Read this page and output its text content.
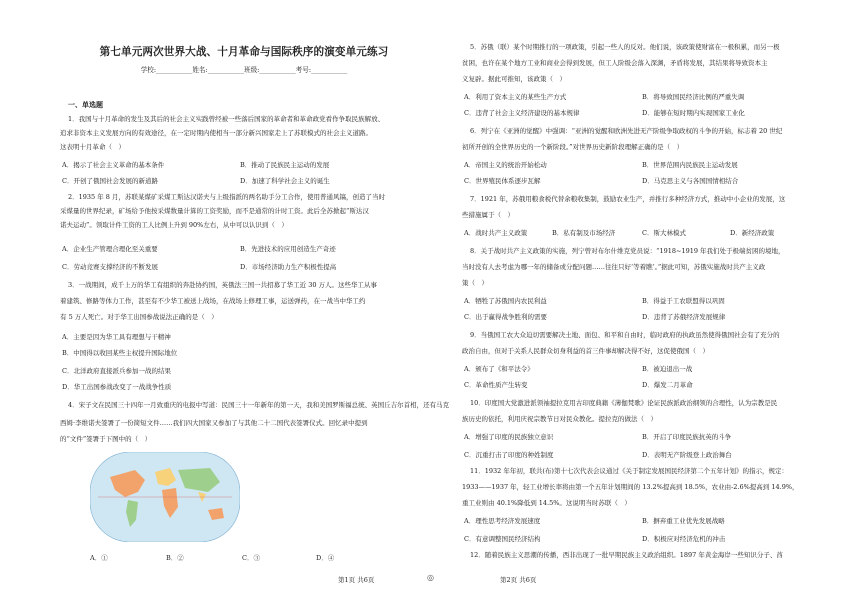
第七单元两次世界大战、十月革命与国际秩序的演变单元练习
学校:___________姓名:___________班级:___________考号:___________
一、单选题
1．我国与十月革命的发生及其后的社会主义实践曾经被一些落后国家的革命者和革命政党看作争取民族解放、
追求非资本主义发展方向的有效途径，在一定时期内使相当一部分新兴国家走上了苏联模式的社会主义道路。
这表明十月革命（　）
A．揭示了社会主义革命的基本条件	B．推动了民族民主运动的发展
C．开创了俄国社会发展的新道路	D．加速了科学社会主义的诞生
2．1935 年 8 月，苏联某煤矿采煤工斯达汉诺夫与上级指派的两名助手分工合作，使用普通风镐，创造了当时
采煤量的世界纪录，矿场给予他按采煤数量计算的工资奖励，而不是通常的计时工资。此后全苏掀起“斯达汉
诺夫运动”。领取计件工资的工人比例上升到 90%左右，从中可以认识到（　）
A．企业生产管理合理化至关重要	B．先进技术的应用创造生产奇迹
C．劳动竞赛支撑经济的不断发展	D．市场经济助力生产积极性提高
3．一战期间，成千上万的华工有组织的奔赴协约国，英俄法三国一共招募了华工近 30 万人。这些华工从事
着建筑、修路等体力工作，甚至有不少华工被送上战场，在战场上修理工事，运送弹药，在一战当中华工约
有 5 万人死亡。对于华工出国参战说法正确的是（　）
A．主要是因为华工具有理想与干精神
B．中国得以收回某些主权提升国际地位
C．北洋政府直接派兵参加一战的结果
D．华工出国参战改变了一战战争性质
4．宋子文在民国三十四年一月致重庆的电报中写道：民国三十一年新年的第一天，我和美国罗斯福总统、英国丘吉尔首相，还有马克
西姆·李维诺夫签署了一份简短文件……我们四大国家又参加了与其他二十二国代表签署仪式。回忆录中提到
的“文件”签署于下图中的（　）
A．①	B．②	C．③	D．④
第1页 共6页	◎
5．苏俄（联）某个时期推行的一项政策，引起一些人的反对。他们说，该政策使财富在一极积累，而另一极
贫困，也许在某个地方工业和商业会得到发展，但工人阶级会落入深渊，矛盾将发展，其结果将导致资本主
义复辟。据此可推知，该政策（　）
A．利用了资本主义的某些生产方式	B．将导致国民经济比例的严重失调
C．违背了社会主义经济建设的基本规律	D．能够在短时期内实现国家工业化
6．列宁在《亚洲的觉醒》中强调：“亚洲的觉醒和欧洲先进无产阶级争取政权的斗争的开始，标志着 20 世纪
初所开创的全世界历史的一个新阶段。”对世界历史新阶段理解正确的是（　）
A．帝国主义的统治开始松动	B．世界范围内民族民主运动发展
C．世界殖民体系逐步瓦解	D．马克思主义与各国国情相结合
7．1921 年，苏俄用粮食税代替余粮收集制，鼓励农业生产，并推行多种经济方式，推动中小企业的发展，这
些措施属于（　）
A．战时共产主义政策	B．私有制及市场经济	C．斯大林模式	D．新经济政策
8．关于战时共产主义政策的实施，列宁曾对布尔什维克党员说：“1918~1919 年我们处于极端贫困的境地，
当时没有人去考虑为哪一年的储备或分配问题……往往只好‘等着瞧’。”据此可知，苏俄实施战时共产主义政
策（　）
A．牺牲了苏俄国内农民利益	B．得益于工农联盟得以巩固
C．出于赢得战争胜利的需要	D．违背了苏俄经济发展规律
9．当俄国工农大众迫切需要解决土地、面包、和平和自由时，临时政府的执政虽然使得俄国社会有了充分的
政治自由，但对于关系人民群众切身利益的首三件事却解决得不好，这促使俄国（　）
A．颁布了《和平法令》	B．被迫退出一战
C．革命性质产生转变	D．爆发二月革命
10．印度国大党激进派领袖提拉克用古印度典籍《薄伽梵歌》论证民族派政治纲领的合理性，认为宗教是民
族历史的依托，利用庆祝宗教节日对民众教化。提拉克的做法（　）
A．增强了印度的民族独立意识	B．开启了印度民族抗英的斗争
C．沉重打击了印度的种姓制度	D．表明无产阶级登上政治舞台
11．1932 年年初，联共(布)第十七次代表会议通过《关于制定发展国民经济第二个五年计划》的指示，规定：
1933——1937 年，轻工业增长率将由第一个五年计划期间的 13.2%提高到 18.5%，农业由-2.6%提高到 14.9%，
重工业则由 40.1%降低到 14.5%。这说明当时苏联（　）
A．理性思考经济发展速度	B．摒弃重工业优先发展战略
C．有意调整国民经济结构	D．积极应对经济危机的冲击
12．随着民族主义思潮的传播，西非出现了一批早期民族主义政治组织。1897 年黄金海岸一些知识分子、酋
第2页 共6页
